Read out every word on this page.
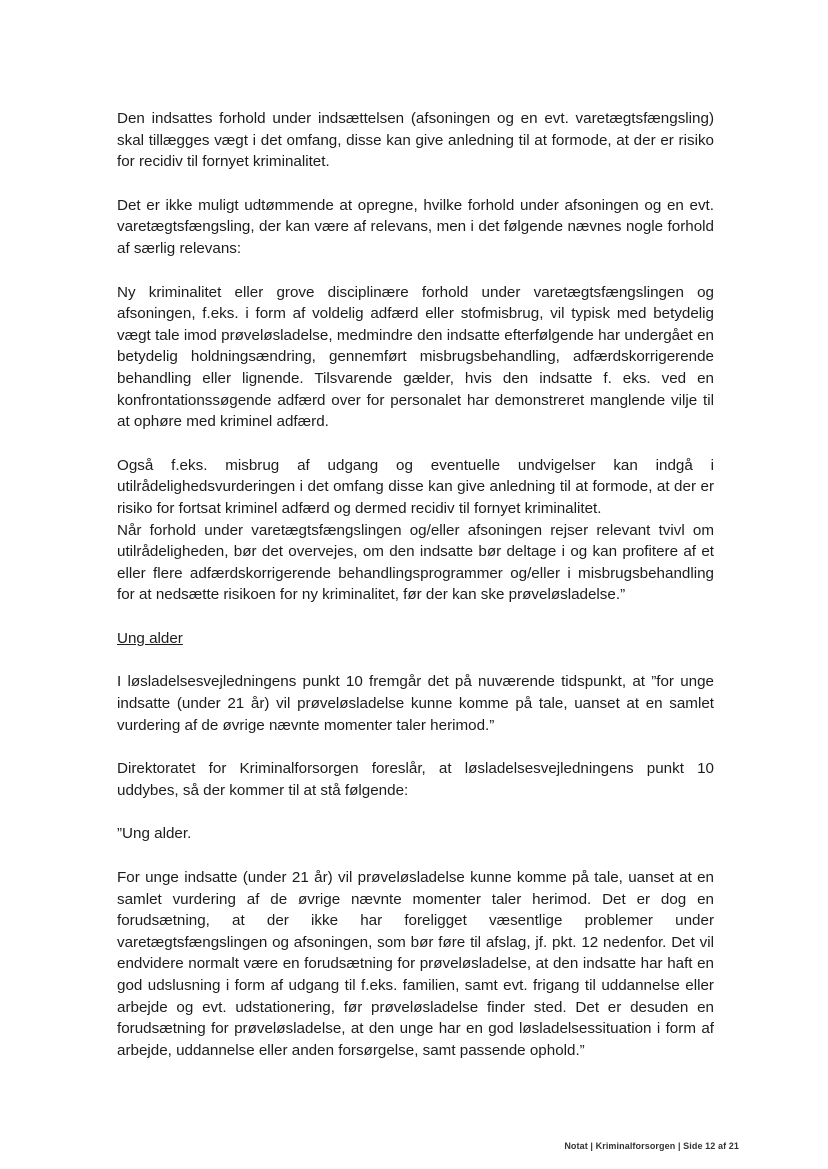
Den indsattes forhold under indsættelsen (afsoningen og en evt. varetægtsfængsling) skal tillægges vægt i det omfang, disse kan give anledning til at formode, at der er risiko for recidiv til fornyet kriminalitet.

Det er ikke muligt udtømmende at opregne, hvilke forhold under afsoningen og en evt. varetægtsfængsling, der kan være af relevans, men i det følgende nævnes nogle forhold af særlig relevans:

Ny kriminalitet eller grove disciplinære forhold under varetægtsfængslingen og afsoningen, f.eks. i form af voldelig adfærd eller stofmisbrug, vil typisk med betydelig vægt tale imod prøveløsladelse, medmindre den indsatte efterfølgende har undergået en betydelig holdningsændring, gennemført misbrugsbehandling, adfærdskorrigerende behandling eller lignende. Tilsvarende gælder, hvis den indsatte f. eks. ved en konfrontationssøgende adfærd over for personalet har demonstreret manglende vilje til at ophøre med kriminel adfærd.

Også f.eks. misbrug af udgang og eventuelle undvigelser kan indgå i utilrådelighedsvurderingen i det omfang disse kan give anledning til at formode, at der er risiko for fortsat kriminel adfærd og dermed recidiv til fornyet kriminalitet.

Når forhold under varetægtsfængslingen og/eller afsoningen rejser relevant tvivl om utilrådeligheden, bør det overvejes, om den indsatte bør deltage i og kan profitere af et eller flere adfærdskorrigerende behandlingsprogrammer og/eller i misbrugsbehandling for at nedsætte risikoen for ny kriminalitet, før der kan ske prøveløsladelse.”

Ung alder

I løsladelsesvejledningens punkt 10 fremgår det på nuværende tidspunkt, at ”for unge indsatte (under 21 år) vil prøveløsladelse kunne komme på tale, uanset at en samlet vurdering af de øvrige nævnte momenter taler herimod.”

Direktoratet for Kriminalforsorgen foreslår, at løsladelsesvejledningens punkt 10 uddybes, så der kommer til at stå følgende:

”Ung alder.

For unge indsatte (under 21 år) vil prøveløsladelse kunne komme på tale, uanset at en samlet vurdering af de øvrige nævnte momenter taler herimod. Det er dog en forudsætning, at der ikke har foreligget væsentlige problemer under varetægtsfængslingen og afsoningen, som bør føre til afslag, jf. pkt. 12 nedenfor. Det vil endvidere normalt være en forudsætning for prøveløsladelse, at den indsatte har haft en god udslusning i form af udgang til f.eks. familien, samt evt. frigang til uddannelse eller arbejde og evt. udstationering, før prøveløsladelse finder sted. Det er desuden en forudsætning for prøveløsladelse, at den unge har en god løsladelsessituation i form af arbejde, uddannelse eller anden forsørgelse, samt passende ophold.”

Notat | Kriminalforsorgen | Side 12 af 21
